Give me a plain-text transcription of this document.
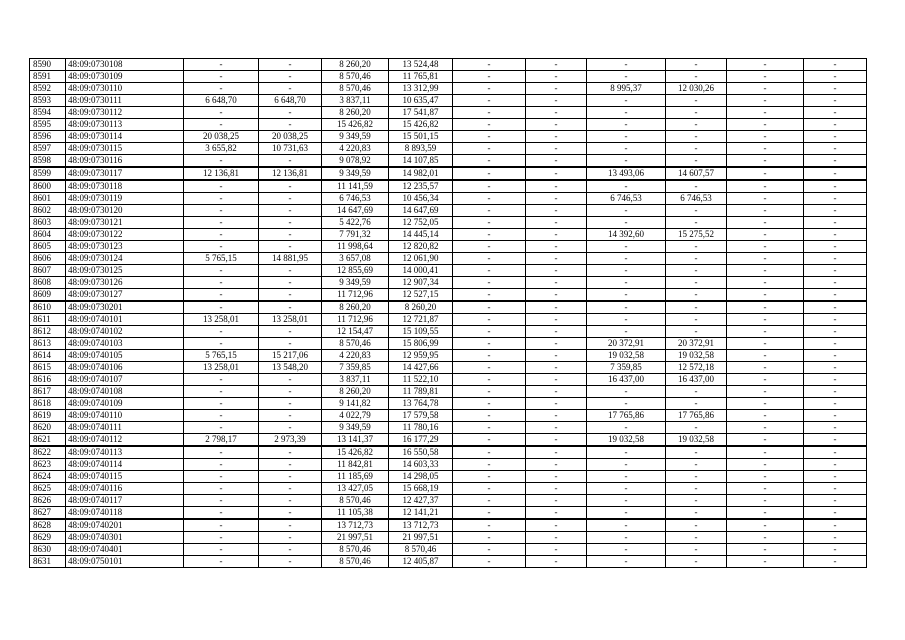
8590	48:09:0730108	-	-	8 260,20	13 524,48	-	-	-	-	-	-
8591	48:09:0730109	-	-	8 570,46	11 765,81	-	-	-	-	-	-
8592	48:09:0730110	-	-	8 570,46	13 312,99	-	-	8 995,37	12 030,26	-	-
8593	48:09:0730111	6 648,70	6 648,70	3 837,11	10 635,47	-	-	-	-	-	-
8594	48:09:0730112	-	-	8 260,20	17 541,87	-	-	-	-	-	-
8595	48:09:0730113	-	-	15 426,82	15 426,82	-	-	-	-	-	-
8596	48:09:0730114	20 038,25	20 038,25	9 349,59	15 501,15	-	-	-	-	-	-
8597	48:09:0730115	3 655,82	10 731,63	4 220,83	8 893,59	-	-	-	-	-	-
8598	48:09:0730116	-	-	9 078,92	14 107,85	-	-	-	-	-	-
8599	48:09:0730117	12 136,81	12 136,81	9 349,59	14 982,01	-	-	13 493,06	14 607,57	-	-
8600	48:09:0730118	-	-	11 141,59	12 235,57	-	-	-	-	-	-
8601	48:09:0730119	-	-	6 746,53	10 456,34	-	-	6 746,53	6 746,53	-	-
8602	48:09:0730120	-	-	14 647,69	14 647,69	-	-	-	-	-	-
8603	48:09:0730121	-	-	5 422,76	12 752,05	-	-	-	-	-	-
8604	48:09:0730122	-	-	7 791,32	14 445,14	-	-	14 392,60	15 275,52	-	-
8605	48:09:0730123	-	-	11 998,64	12 820,82	-	-	-	-	-	-
8606	48:09:0730124	5 765,15	14 881,95	3 657,08	12 061,90	-	-	-	-	-	-
8607	48:09:0730125	-	-	12 855,69	14 000,41	-	-	-	-	-	-
8608	48:09:0730126	-	-	9 349,59	12 907,34	-	-	-	-	-	-
8609	48:09:0730127	-	-	11 712,96	12 527,15	-	-	-	-	-	-
8610	48:09:0730201	-	-	8 260,20	8 260,20	-	-	-	-	-	-
8611	48:09:0740101	13 258,01	13 258,01	11 712,96	12 721,87	-	-	-	-	-	-
8612	48:09:0740102	-	-	12 154,47	15 109,55	-	-	-	-	-	-
8613	48:09:0740103	-	-	8 570,46	15 806,99	-	-	20 372,91	20 372,91	-	-
8614	48:09:0740105	5 765,15	15 217,06	4 220,83	12 959,95	-	-	19 032,58	19 032,58	-	-
8615	48:09:0740106	13 258,01	13 548,20	7 359,85	14 427,66	-	-	7 359,85	12 572,18	-	-
8616	48:09:0740107	-	-	3 837,11	11 522,10	-	-	16 437,00	16 437,00	-	-
8617	48:09:0740108	-	-	8 260,20	11 789,81	-	-	-	-	-	-
8618	48:09:0740109	-	-	9 141,82	13 764,78	-	-	-	-	-	-
8619	48:09:0740110	-	-	4 022,79	17 579,58	-	-	17 765,86	17 765,86	-	-
8620	48:09:0740111	-	-	9 349,59	11 780,16	-	-	-	-	-	-
8621	48:09:0740112	2 798,17	2 973,39	13 141,37	16 177,29	-	-	19 032,58	19 032,58	-	-
8622	48:09:0740113	-	-	15 426,82	16 550,58	-	-	-	-	-	-
8623	48:09:0740114	-	-	11 842,81	14 603,33	-	-	-	-	-	-
8624	48:09:0740115	-	-	11 185,69	14 298,05	-	-	-	-	-	-
8625	48:09:0740116	-	-	13 427,05	15 668,19	-	-	-	-	-	-
8626	48:09:0740117	-	-	8 570,46	12 427,37	-	-	-	-	-	-
8627	48:09:0740118	-	-	11 105,38	12 141,21	-	-	-	-	-	-
8628	48:09:0740201	-	-	13 712,73	13 712,73	-	-	-	-	-	-
8629	48:09:0740301	-	-	21 997,51	21 997,51	-	-	-	-	-	-
8630	48:09:0740401	-	-	8 570,46	8 570,46	-	-	-	-	-	-
8631	48:09:0750101	-	-	8 570,46	12 405,87	-	-	-	-	-	-
